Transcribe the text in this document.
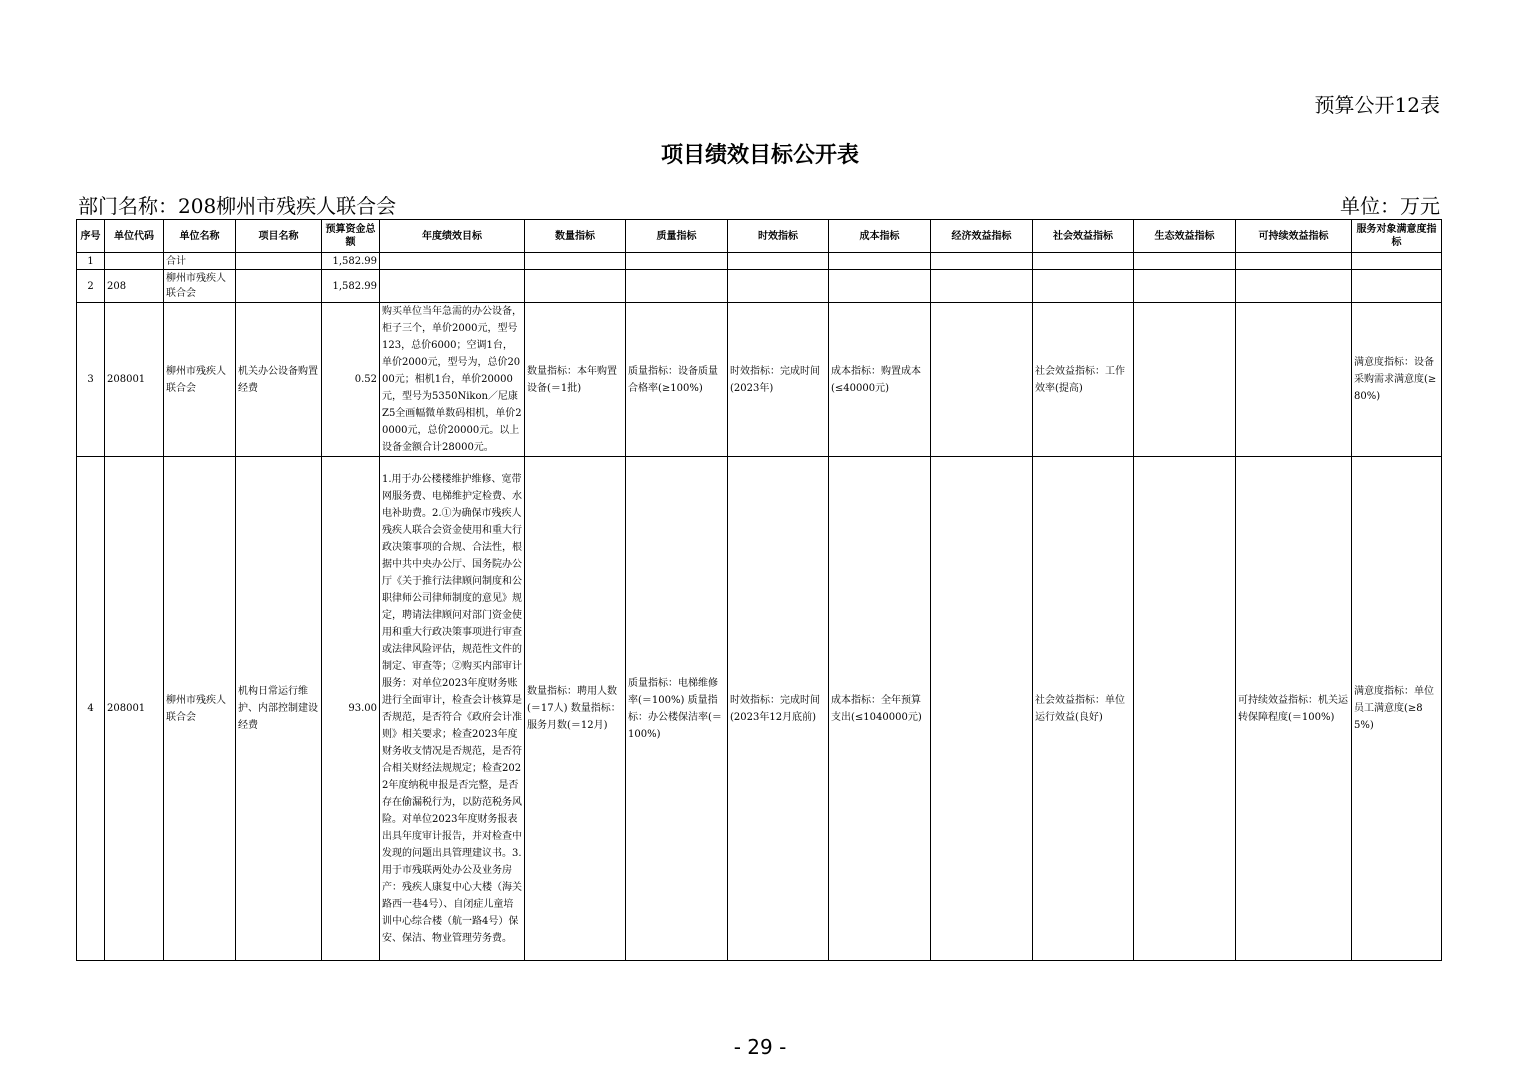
预算公开12表
项目绩效目标公开表
部门名称：208柳州市残疾人联合会	单位：万元
序号	单位代码	单位名称	项目名称	预算资金总额	年度绩效目标	数量指标	质量指标	时效指标	成本指标	经济效益指标	社会效益指标	生态效益指标	可持续效益指标	服务对象满意度指标
1		合计		1,582.99										
2	208	柳州市残疾人联合会		1,582.99										
3	208001	柳州市残疾人联合会	机关办公设备购置经费	0.52	购买单位当年急需的办公设备，柜子三个，单价2000元，型号123，总价6000；空调1台，单价2000元，型号为，总价2000元；相机1台，单价20000元，型号为5350Nikon／尼康Z5全画幅微单数码相机，单价20000元，总价20000元。以上设备金额合计28000元。	数量指标：本年购置设备(＝1批)	质量指标：设备质量合格率(≥100%)	时效指标：完成时间(2023年)	成本指标：购置成本(≤40000元)		社会效益指标：工作效率(提高)			满意度指标：设备采购需求满意度(≥80%)
4	208001	柳州市残疾人联合会	机构日常运行维护、内部控制建设经费	93.00	1.用于办公楼楼维护维修、宽带网服务费、电梯维护定检费、水电补助费。2.①为确保市残疾人残疾人联合会资金使用和重大行政决策事项的合规、合法性，根据中共中央办公厅、国务院办公厅《关于推行法律顾问制度和公职律师公司律师制度的意见》规定，聘请法律顾问对部门资金使用和重大行政决策事项进行审查或法律风险评估，规范性文件的制定、审查等；②购买内部审计服务：对单位2023年度财务账进行全面审计，检查会计核算是否规范，是否符合《政府会计准则》相关要求；检查2023年度财务收支情况是否规范，是否符合相关财经法规规定；检查2022年度纳税申报是否完整，是否存在偷漏税行为，以防范税务风险。对单位2023年度财务报表出具年度审计报告，并对检查中发现的问题出具管理建议书。3.用于市残联两处办公及业务房产：残疾人康复中心大楼（海关路西一巷4号）、自闭症儿童培训中心综合楼（航一路4号）保安、保洁、物业管理劳务费。	数量指标：聘用人数(＝17人) 数量指标：服务月数(＝12月)	质量指标：电梯维修率(＝100%) 质量指标：办公楼保洁率(＝100%)	时效指标：完成时间(2023年12月底前)	成本指标：全年预算支出(≤1040000元)		社会效益指标：单位运行效益(良好)		可持续效益指标：机关运转保障程度(＝100%)	满意度指标：单位员工满意度(≥85%)
- 29 -
